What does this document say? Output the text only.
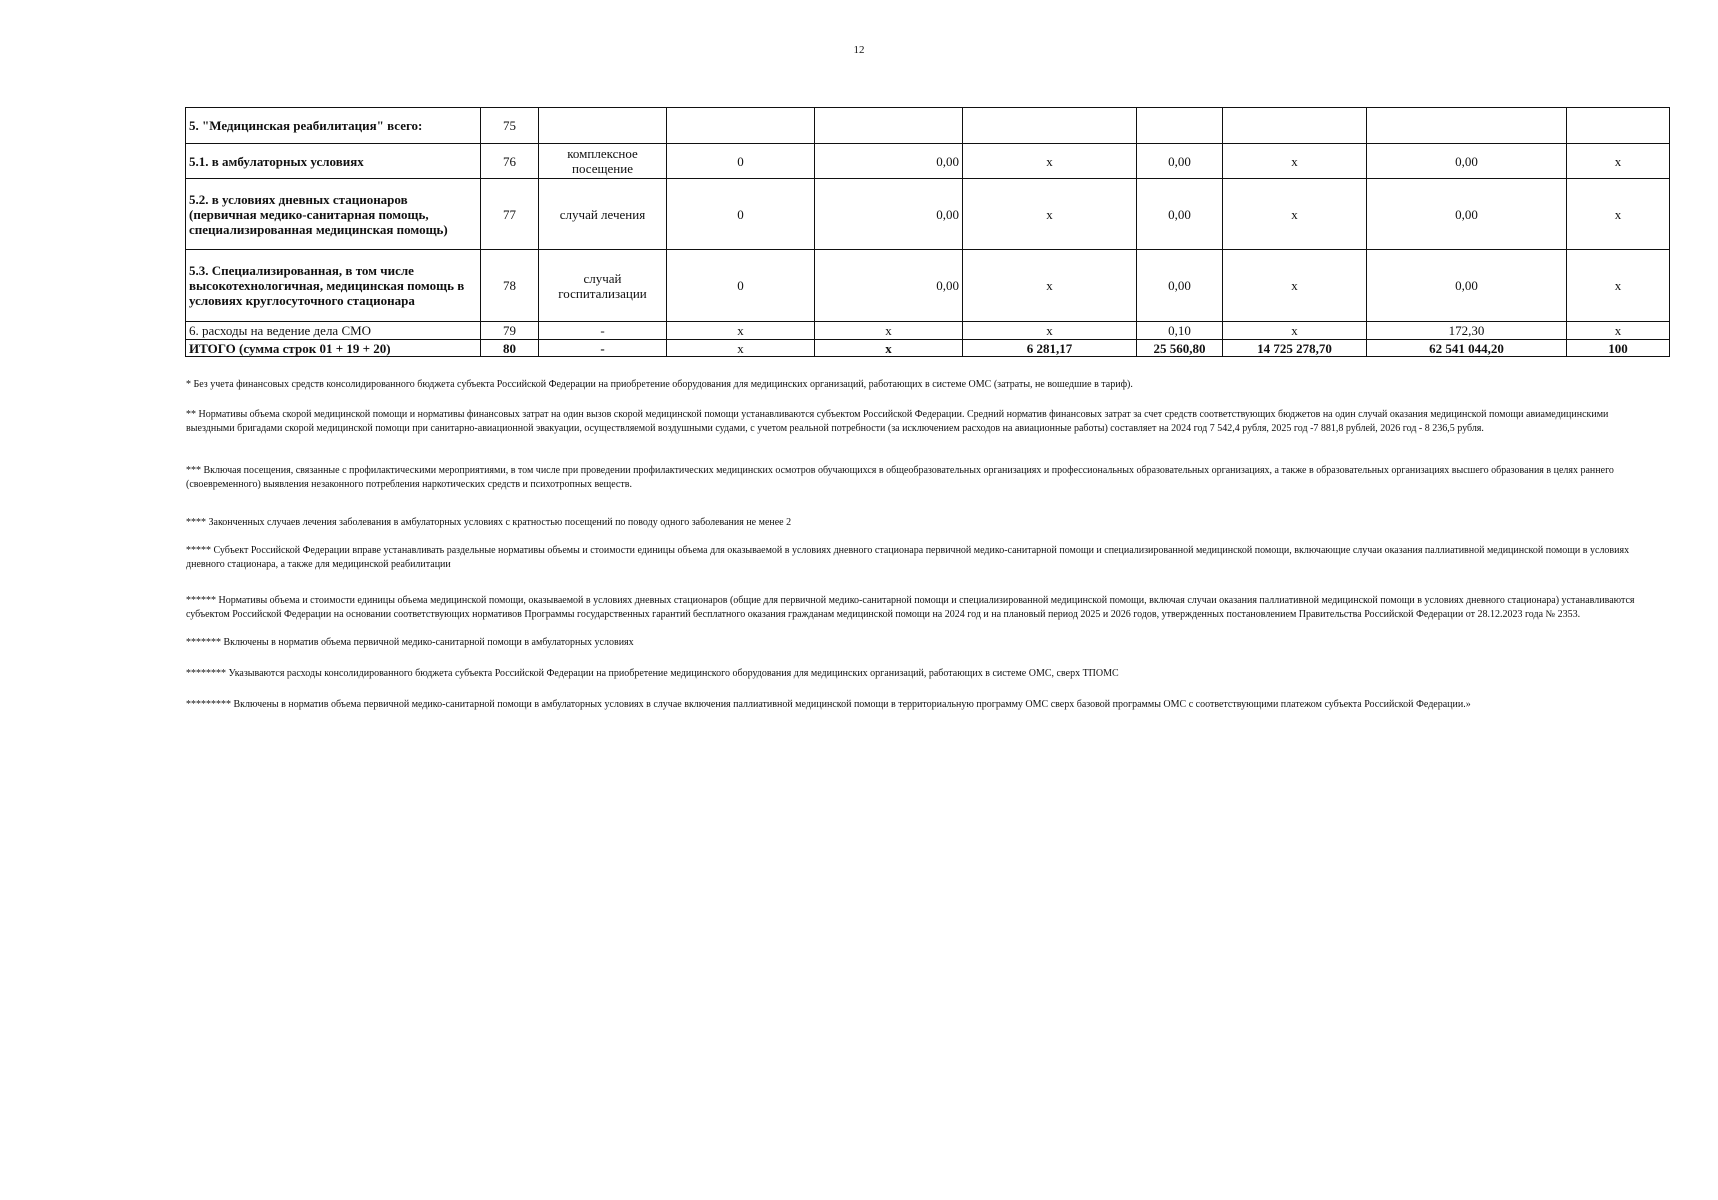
12
5. "Медицинская реабилитация" всего:	75								
5.1. в амбулаторных условиях	76	комплексное посещение	0	0,00	x	0,00	x	0,00	x
5.2. в условиях дневных стационаров (первичная медико-санитарная помощь, специализированная медицинская помощь)	77	случай лечения	0	0,00	x	0,00	x	0,00	x
5.3. Специализированная, в том числе высокотехнологичная, медицинская помощь в условиях круглосуточного стационара	78	случай госпитализации	0	0,00	x	0,00	x	0,00	x
6. расходы на ведение дела СМО	79	-	x	x	x	0,10	x	172,30	x
ИТОГО (сумма строк 01 + 19 + 20)	80	-	x	x	6 281,17	25 560,80	14 725 278,70	62 541 044,20	100

* Без учета финансовых средств консолидированного бюджета субъекта Российской Федерации на приобретение оборудования для медицинских организаций, работающих в системе ОМС (затраты, не вошедшие в тариф).

** Нормативы объема скорой медицинской помощи и нормативы финансовых затрат на один вызов скорой медицинской помощи устанавливаются субъектом Российской Федерации. Средний норматив финансовых затрат за счет средств соответствующих бюджетов на один случай оказания медицинской помощи авиамедицинскими выездными бригадами скорой медицинской помощи при санитарно-авиационной эвакуации, осуществляемой воздушными судами, с учетом реальной потребности (за исключением расходов на авиационные работы) составляет на 2024 год 7 542,4 рубля, 2025 год -7 881,8 рублей, 2026 год - 8 236,5 рубля.

*** Включая посещения, связанные с профилактическими мероприятиями, в том числе при проведении профилактических медицинских осмотров обучающихся в общеобразовательных организациях и профессиональных образовательных организациях, а также в образовательных организациях высшего образования в целях раннего (своевременного) выявления незаконного потребления наркотических средств и психотропных веществ.

**** Законченных случаев лечения заболевания в амбулаторных условиях с кратностью посещений по поводу одного заболевания не менее 2

***** Субъект Российской Федерации вправе устанавливать раздельные нормативы объемы и стоимости единицы объема для оказываемой в условиях дневного стационара первичной медико-санитарной помощи и специализированной медицинской помощи, включающие случаи оказания паллиативной медицинской помощи в условиях дневного стационара, а также для медицинской реабилитации

****** Нормативы объема и стоимости единицы объема медицинской помощи, оказываемой в условиях дневных стационаров (общие для первичной медико-санитарной помощи и специализированной медицинской помощи, включая случаи оказания паллиативной медицинской помощи в условиях дневного стационара) устанавливаются субъектом Российской Федерации на основании соответствующих нормативов Программы государственных гарантий бесплатного оказания гражданам медицинской помощи на 2024 год и на плановый период 2025 и 2026 годов, утвержденных постановлением Правительства Российской Федерации от 28.12.2023 года № 2353.

******* Включены в норматив объема первичной медико-санитарной помощи в амбулаторных условиях

******** Указываются расходы консолидированного бюджета субъекта Российской Федерации на приобретение медицинского оборудования для медицинских организаций, работающих в системе ОМС, сверх ТПОМС

********* Включены в норматив объема первичной медико-санитарной помощи в амбулаторных условиях в случае включения паллиативной медицинской помощи в территориальную программу ОМС сверх базовой программы ОМС с соответствующими платежом субъекта Российской Федерации.»
